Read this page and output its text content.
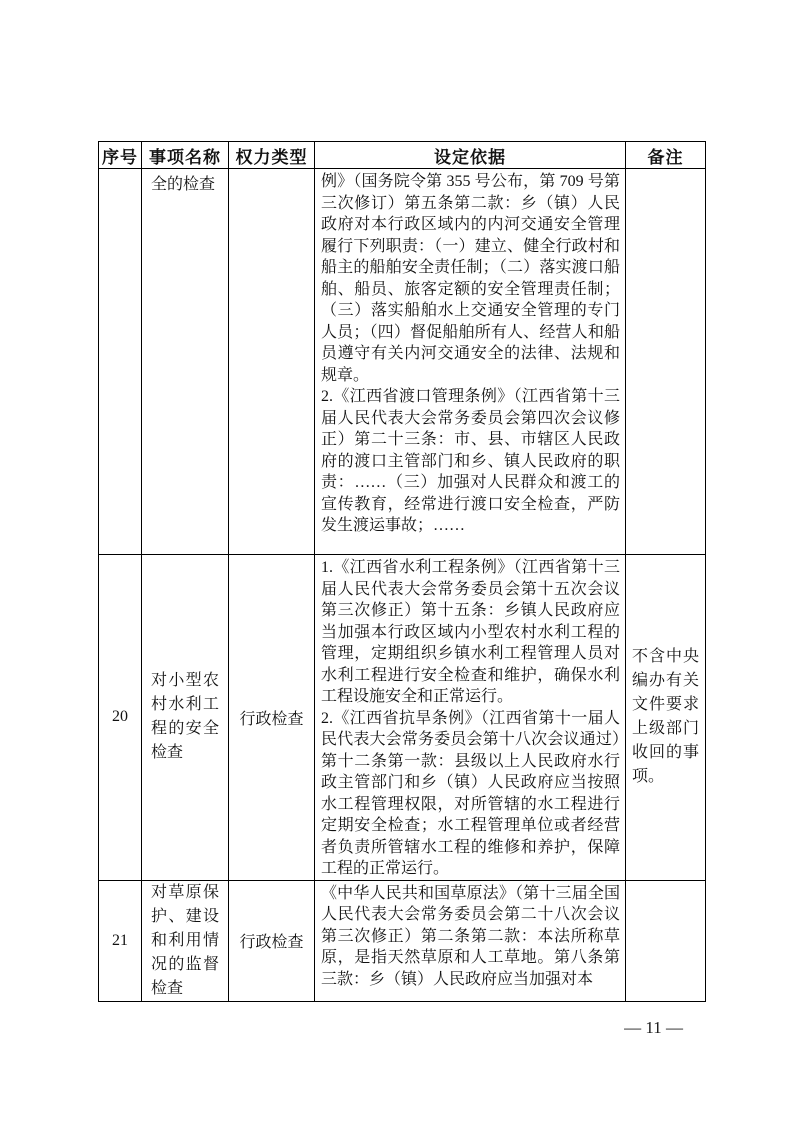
序号	事项名称	权力类型	设定依据	备注
	全的检查		例》（国务院令第 355 号公布，第 709 号第三次修订）第五条第二款：乡（镇）人民政府对本行政区域内的内河交通安全管理履行下列职责：（一）建立、健全行政村和船主的船舶安全责任制；（二）落实渡口船舶、船员、旅客定额的安全管理责任制；（三）落实船舶水上交通安全管理的专门人员；（四）督促船舶所有人、经营人和船员遵守有关内河交通安全的法律、法规和规章。

2.《江西省渡口管理条例》（江西省第十三届人民代表大会常务委员会第四次会议修正）第二十三条：市、县、市辖区人民政府的渡口主管部门和乡、镇人民政府的职责：……（三）加强对人民群众和渡工的宣传教育，经常进行渡口安全检查，严防发生渡运事故；……	

20	对小型农村水利工程的安全检查	行政检查	1.《江西省水利工程条例》（江西省第十三届人民代表大会常务委员会第十五次会议第三次修正）第十五条：乡镇人民政府应当加强本行政区域内小型农村水利工程的管理，定期组织乡镇水利工程管理人员对水利工程进行安全检查和维护，确保水利工程设施安全和正常运行。

2.《江西省抗旱条例》（江西省第十一届人民代表大会常务委员会第十八次会议通过）第十二条第一款：县级以上人民政府水行政主管部门和乡（镇）人民政府应当按照水工程管理权限，对所管辖的水工程进行定期安全检查；水工程管理单位或者经营者负责所管辖水工程的维修和养护，保障工程的正常运行。	不含中央编办有关文件要求上级部门收回的事项。
21	对草原保护、建设和利用情况的监督检查	行政检查	《中华人民共和国草原法》（第十三届全国人民代表大会常务委员会第二十八次会议第三次修正）第二条第二款：本法所称草原，是指天然草原和人工草地。第八条第三款：乡（镇）人民政府应当加强对本	

— 11 —
